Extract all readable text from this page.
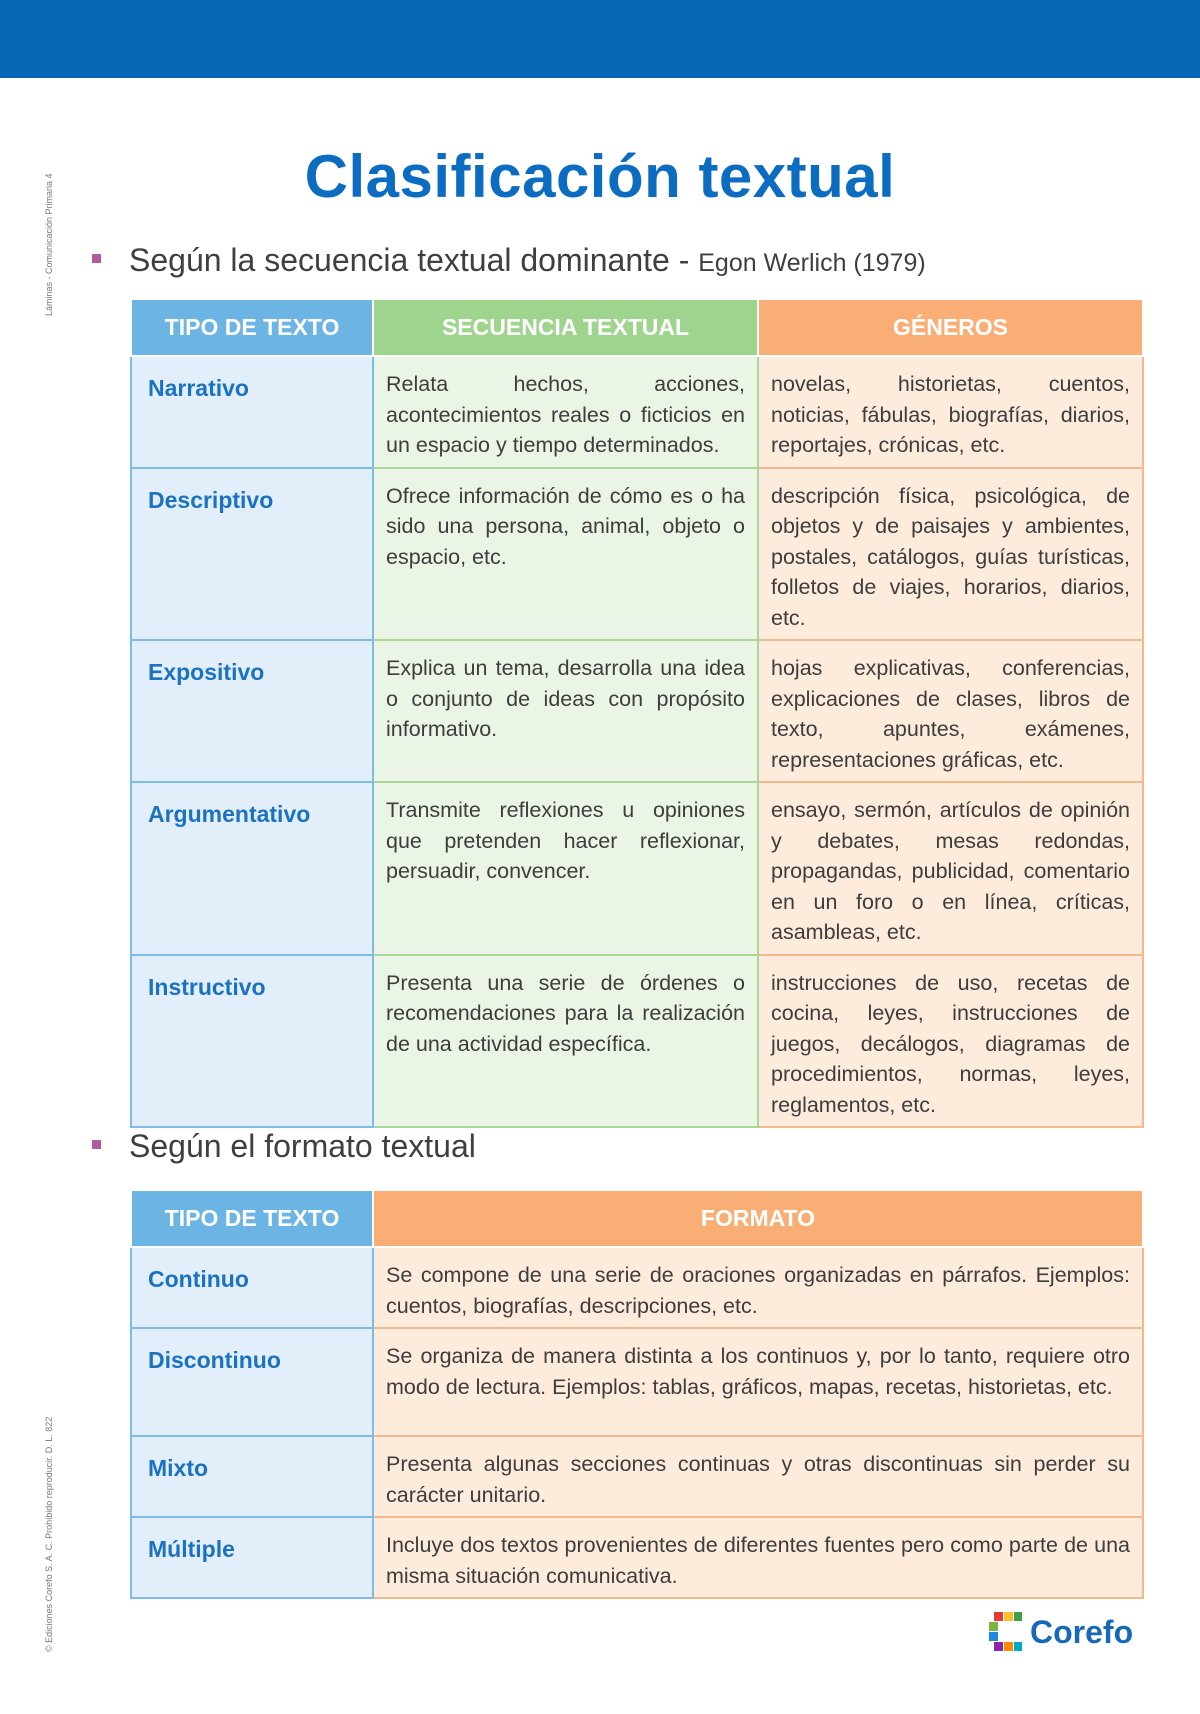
Láminas - Comunicación Primaria 4
© Ediciones Corefo S. A. C. Prohibido reproducir. D. L. 822
Clasificación textual
Según la secuencia textual dominante - Egon Werlich (1979)
TIPO DE TEXTO	SECUENCIA TEXTUAL	GÉNEROS
Narrativo	Relata hechos, acciones, acontecimientos reales o ficticios en un espacio y tiempo determinados.	novelas, historietas, cuentos, noticias, fábulas, biografías, diarios, reportajes, crónicas, etc.
Descriptivo	Ofrece información de cómo es o ha sido una persona, animal, objeto o espacio, etc.	descripción física, psicológica, de objetos y de paisajes y ambientes, postales, catálogos, guías turísticas, folletos de viajes, horarios, diarios, etc.
Expositivo	Explica un tema, desarrolla una idea o conjunto de ideas con propósito informativo.	hojas explicativas, conferencias, explicaciones de clases, libros de texto, apuntes, exámenes, representaciones gráficas, etc.
Argumentativo	Transmite reflexiones u opiniones que pretenden hacer reflexionar, persuadir, convencer.	ensayo, sermón, artículos de opinión y debates, mesas redondas, propagandas, publicidad, comentario en un foro o en línea, críticas, asambleas, etc.
Instructivo	Presenta una serie de órdenes o recomendaciones para la realización de una actividad específica.	instrucciones de uso, recetas de cocina, leyes, instrucciones de juegos, decálogos, diagramas de procedimientos, normas, leyes, reglamentos, etc.
Según el formato textual
TIPO DE TEXTO	FORMATO
Continuo	Se compone de una serie de oraciones organizadas en párrafos. Ejemplos: cuentos, biografías, descripciones, etc.
Discontinuo	Se organiza de manera distinta a los continuos y, por lo tanto, requiere otro modo de lectura. Ejemplos: tablas, gráficos, mapas, recetas, historietas, etc.
Mixto	Presenta algunas secciones continuas y otras discontinuas sin perder su carácter unitario.
Múltiple	Incluye dos textos provenientes de diferentes fuentes pero como parte de una misma situación comunicativa.
Corefo
